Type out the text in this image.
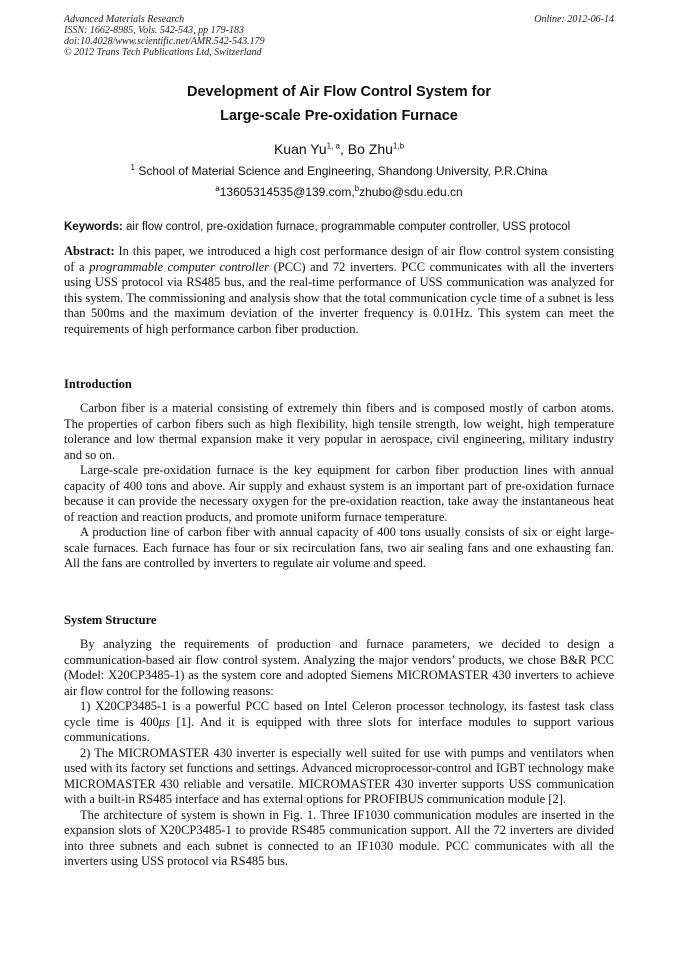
Advanced Materials Research
ISSN: 1662-8985, Vols. 542-543, pp 179-183
doi:10.4028/www.scientific.net/AMR.542-543.179
© 2012 Trans Tech Publications Ltd, Switzerland
Online: 2012-06-14
Development of Air Flow Control System for
Large-scale Pre-oxidation Furnace
Kuan Yu$^{1, a}$, Bo Zhu$^{1,b}$
$^1$ School of Material Science and Engineering, Shandong University, P.R.China
$^a$13605314535@139.com,$^b$zhubo@sdu.edu.cn
Keywords: air flow control, pre-oxidation furnace, programmable computer controller, USS protocol

Abstract: In this paper, we introduced a high cost performance design of air flow control system consisting of a programmable computer controller (PCC) and 72 inverters. PCC communicates with all the inverters using USS protocol via RS485 bus, and the real-time performance of USS communication was analyzed for this system. The commissioning and analysis show that the total communication cycle time of a subnet is less than 500ms and the maximum deviation of the inverter frequency is 0.01Hz. This system can meet the requirements of high performance carbon fiber production.

Introduction

Carbon fiber is a material consisting of extremely thin fibers and is composed mostly of carbon atoms. The properties of carbon fibers such as high flexibility, high tensile strength, low weight, high temperature tolerance and low thermal expansion make it very popular in aerospace, civil engineering, military industry and so on.

Large-scale pre-oxidation furnace is the key equipment for carbon fiber production lines with annual capacity of 400 tons and above. Air supply and exhaust system is an important part of pre-oxidation furnace because it can provide the necessary oxygen for the pre-oxidation reaction, take away the instantaneous heat of reaction and reaction products, and promote uniform furnace temperature.

A production line of carbon fiber with annual capacity of 400 tons usually consists of six or eight large-scale furnaces. Each furnace has four or six recirculation fans, two air sealing fans and one exhausting fan. All the fans are controlled by inverters to regulate air volume and speed.

System Structure

By analyzing the requirements of production and furnace parameters, we decided to design a communication-based air flow control system. Analyzing the major vendors’ products, we chose B&R PCC (Model: X20CP3485-1) as the system core and adopted Siemens MICROMASTER 430 inverters to achieve air flow control for the following reasons:

1) X20CP3485-1 is a powerful PCC based on Intel Celeron processor technology, its fastest task class cycle time is 400μs [1]. And it is equipped with three slots for interface modules to support various communications.

2) The MICROMASTER 430 inverter is especially well suited for use with pumps and ventilators when used with its factory set functions and settings. Advanced microprocessor-control and IGBT technology make MICROMASTER 430 reliable and versatile. MICROMASTER 430 inverter supports USS communication with a built-in RS485 interface and has external options for PROFIBUS communication module [2].

The architecture of system is shown in Fig. 1. Three IF1030 communication modules are inserted in the expansion slots of X20CP3485-1 to provide RS485 communication support. All the 72 inverters are divided into three subnets and each subnet is connected to an IF1030 module. PCC communicates with all the inverters using USS protocol via RS485 bus.
